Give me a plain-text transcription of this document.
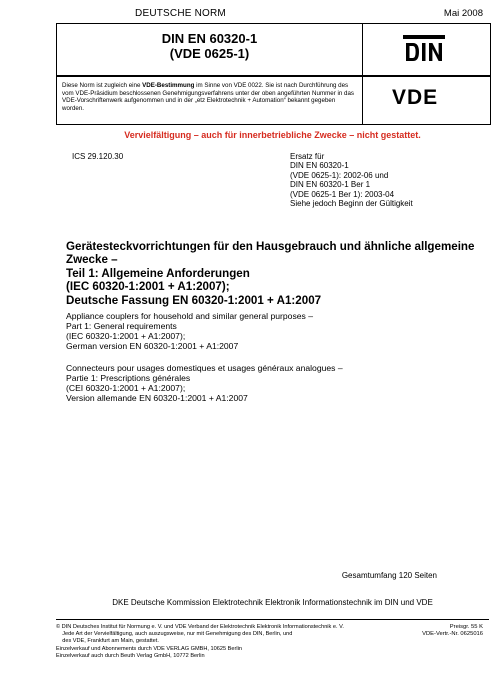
DEUTSCHE NORM	Mai 2008
DIN EN 60320-1
(VDE 0625-1)
Diese Norm ist zugleich eine VDE-Bestimmung im Sinne von VDE 0022. Sie ist nach Durchführung des vom VDE-Präsidium beschlossenen Genehmigungsverfahrens unter der oben angeführten Nummer in das VDE-Vorschriftenwerk aufgenommen und in der „etz Elektrotechnik + Automation“ bekannt gegeben worden.	VDE
Vervielfältigung – auch für innerbetriebliche Zwecke – nicht gestattet.
ICS 29.120.30	Ersatz für
DIN EN 60320-1
(VDE 0625-1): 2002-06 und
DIN EN 60320-1 Ber 1
(VDE 0625-1 Ber 1): 2003-04
Siehe jedoch Beginn der Gültigkeit
Gerätesteckvorrichtungen für den Hausgebrauch und ähnliche allgemeine
Zwecke –
Teil 1: Allgemeine Anforderungen
(IEC 60320-1:2001 + A1:2007);
Deutsche Fassung EN 60320-1:2001 + A1:2007
Appliance couplers for household and similar general purposes –
Part 1: General requirements
(IEC 60320-1:2001 + A1:2007);
German version EN 60320-1:2001 + A1:2007
Connecteurs pour usages domestiques et usages généraux analogues –
Partie 1: Prescriptions générales
(CEI 60320-1:2001 + A1:2007);
Version allemande EN 60320-1:2001 + A1:2007
Gesamtumfang 120 Seiten
DKE Deutsche Kommission Elektrotechnik Elektronik Informationstechnik im DIN und VDE
© DIN Deutsches Institut für Normung e. V. und VDE Verband der Elektrotechnik Elektronik Informationstechnik e. V.
Jede Art der Vervielfältigung, auch auszugsweise, nur mit Genehmigung des DIN, Berlin, und
des VDE, Frankfurt am Main, gestattet.
Einzelverkauf und Abonnements durch VDE VERLAG GMBH, 10625 Berlin
Einzelverkauf auch durch Beuth Verlag GmbH, 10772 Berlin
Preisgr. 55 K
VDE-Vertr.-Nr. 0625016
